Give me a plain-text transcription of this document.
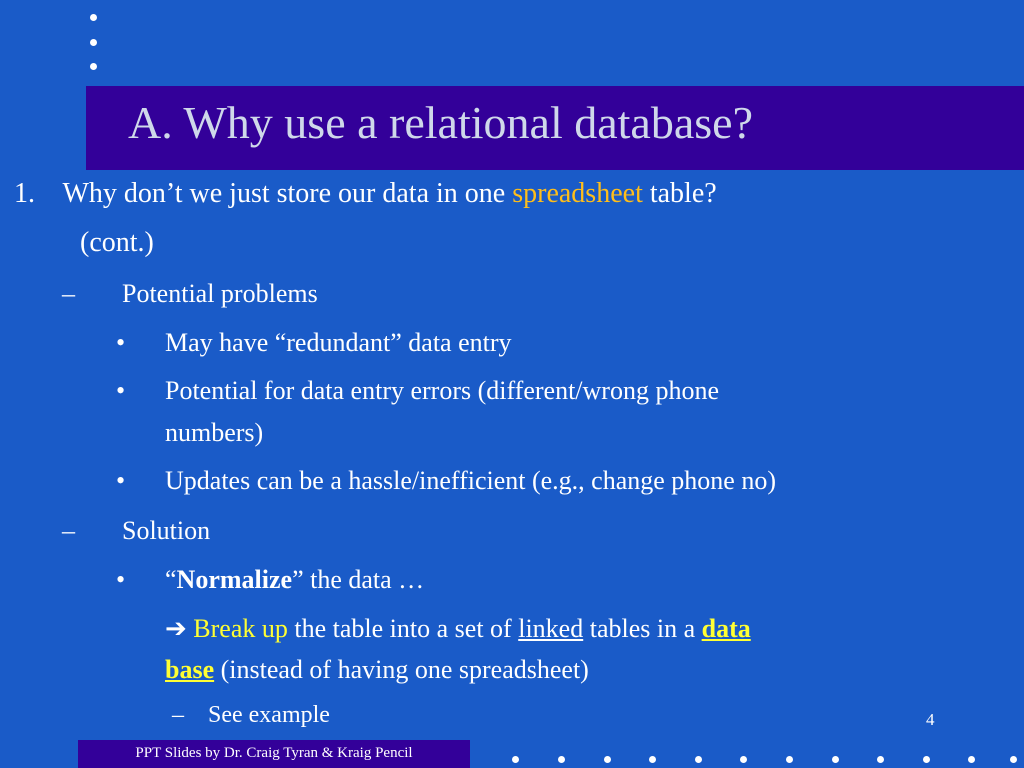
A. Why use a relational database?
1. Why don’t we just store our data in one spreadsheet table?
(cont.)
– Potential problems
• May have “redundant” data entry
• Potential for data entry errors (different/wrong phone
numbers)
• Updates can be a hassle/inefficient (e.g., change phone no)
– Solution
• “Normalize” the data …
➔ Break up the table into a set of linked tables in a data
base (instead of having one spreadsheet)
– See example	4
PPT Slides by Dr. Craig Tyran & Kraig Pencil
